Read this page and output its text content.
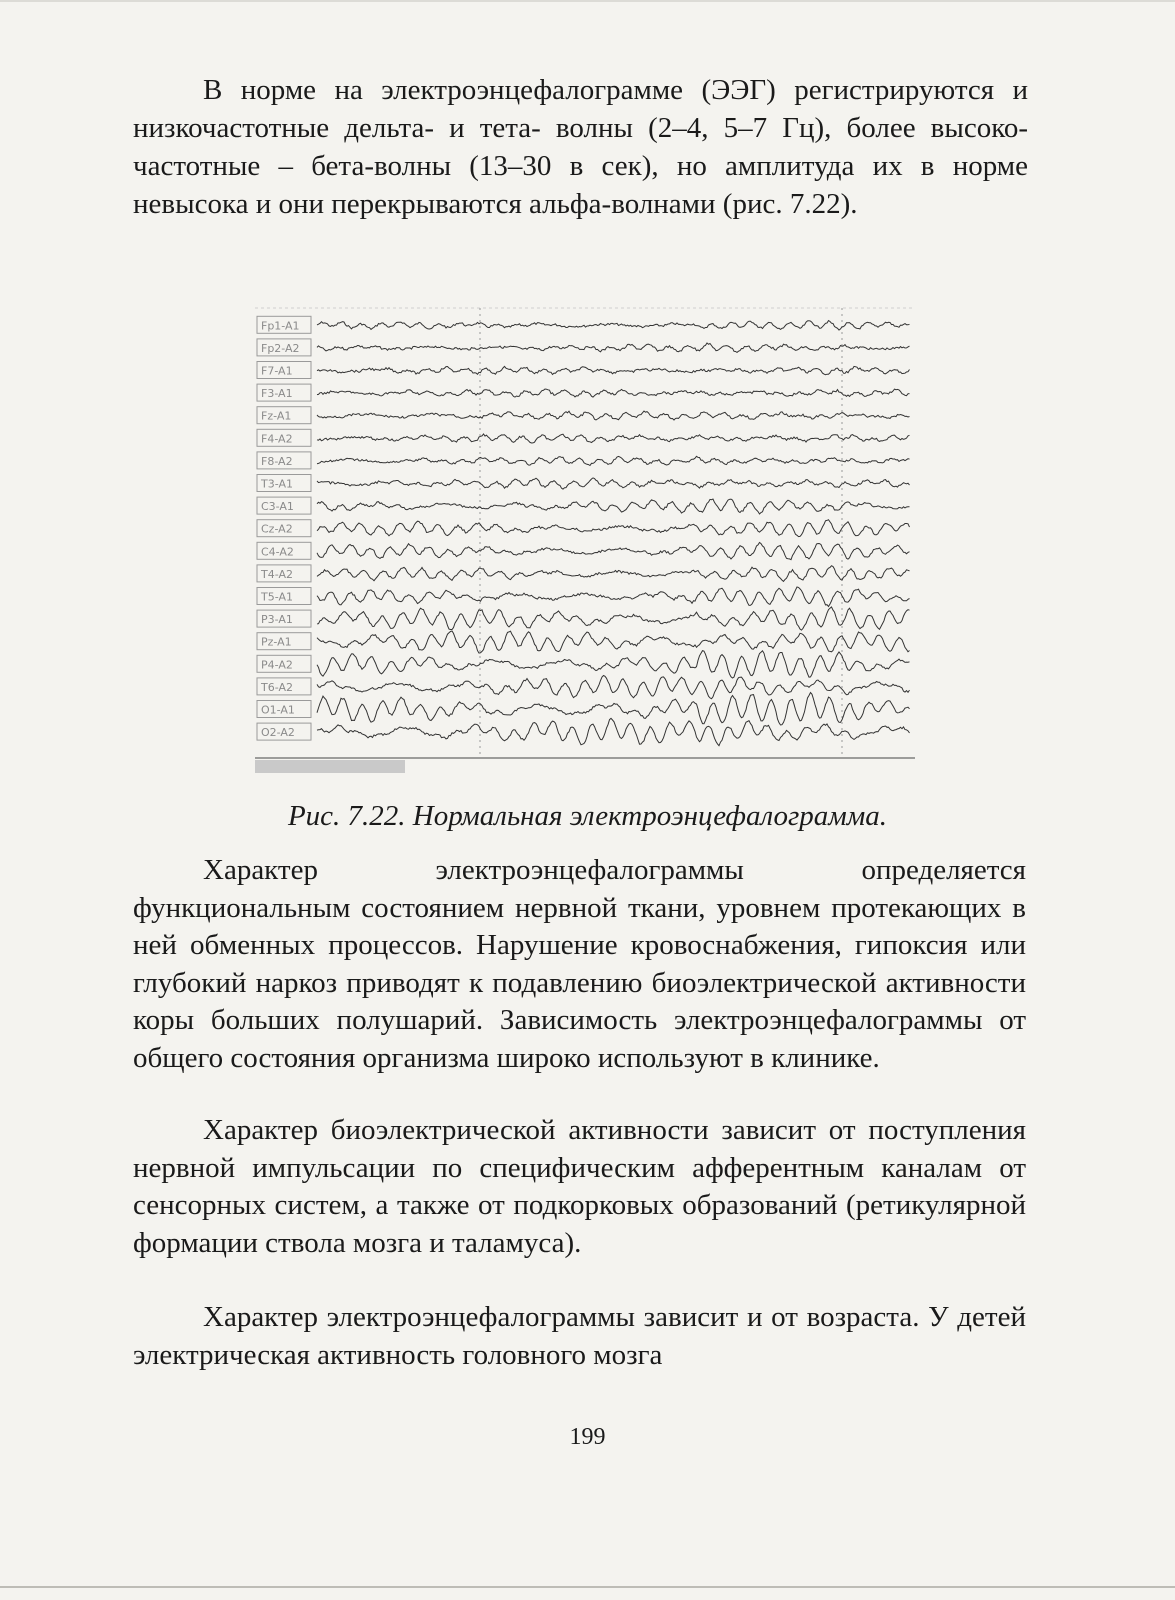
В норме на электроэнцефалограмме (ЭЭГ) регистрируются и низкочастотные дельта- и тета- волны (2–4, 5–7 Гц), более высоко-частотные – бета-волны (13–30 в сек), но амплитуда их в норме невысока и они перекрываются альфа-волнами (рис. 7.22).

Fp1-A1
Fp2-A2
F7-A1
F3-A1
Fz-A1
F4-A2
F8-A2
T3-A1
C3-A1
Cz-A2
C4-A2
T4-A2
T5-A1
P3-A1
Pz-A1
P4-A2
T6-A2
O1-A1
O2-A2
Рис. 7.22. Нормальная электроэнцефалограмма.

Характер электроэнцефалограммы определяется функциональным состоянием нервной ткани, уровнем протекающих в ней обменных процессов. Нарушение кровоснабжения, гипоксия или глубокий наркоз приводят к подавлению биоэлектрической активности коры больших полушарий. Зависимость электроэнцефалограммы от общего состояния организма широко используют в клинике.

Характер биоэлектрической активности зависит от поступления нервной импульсации по специфическим афферентным каналам от сенсорных систем, а также от подкорковых образований (ретикулярной формации ствола мозга и таламуса).

Характер электроэнцефалограммы зависит и от возраста. У детей электрическая активность головного мозга

199
